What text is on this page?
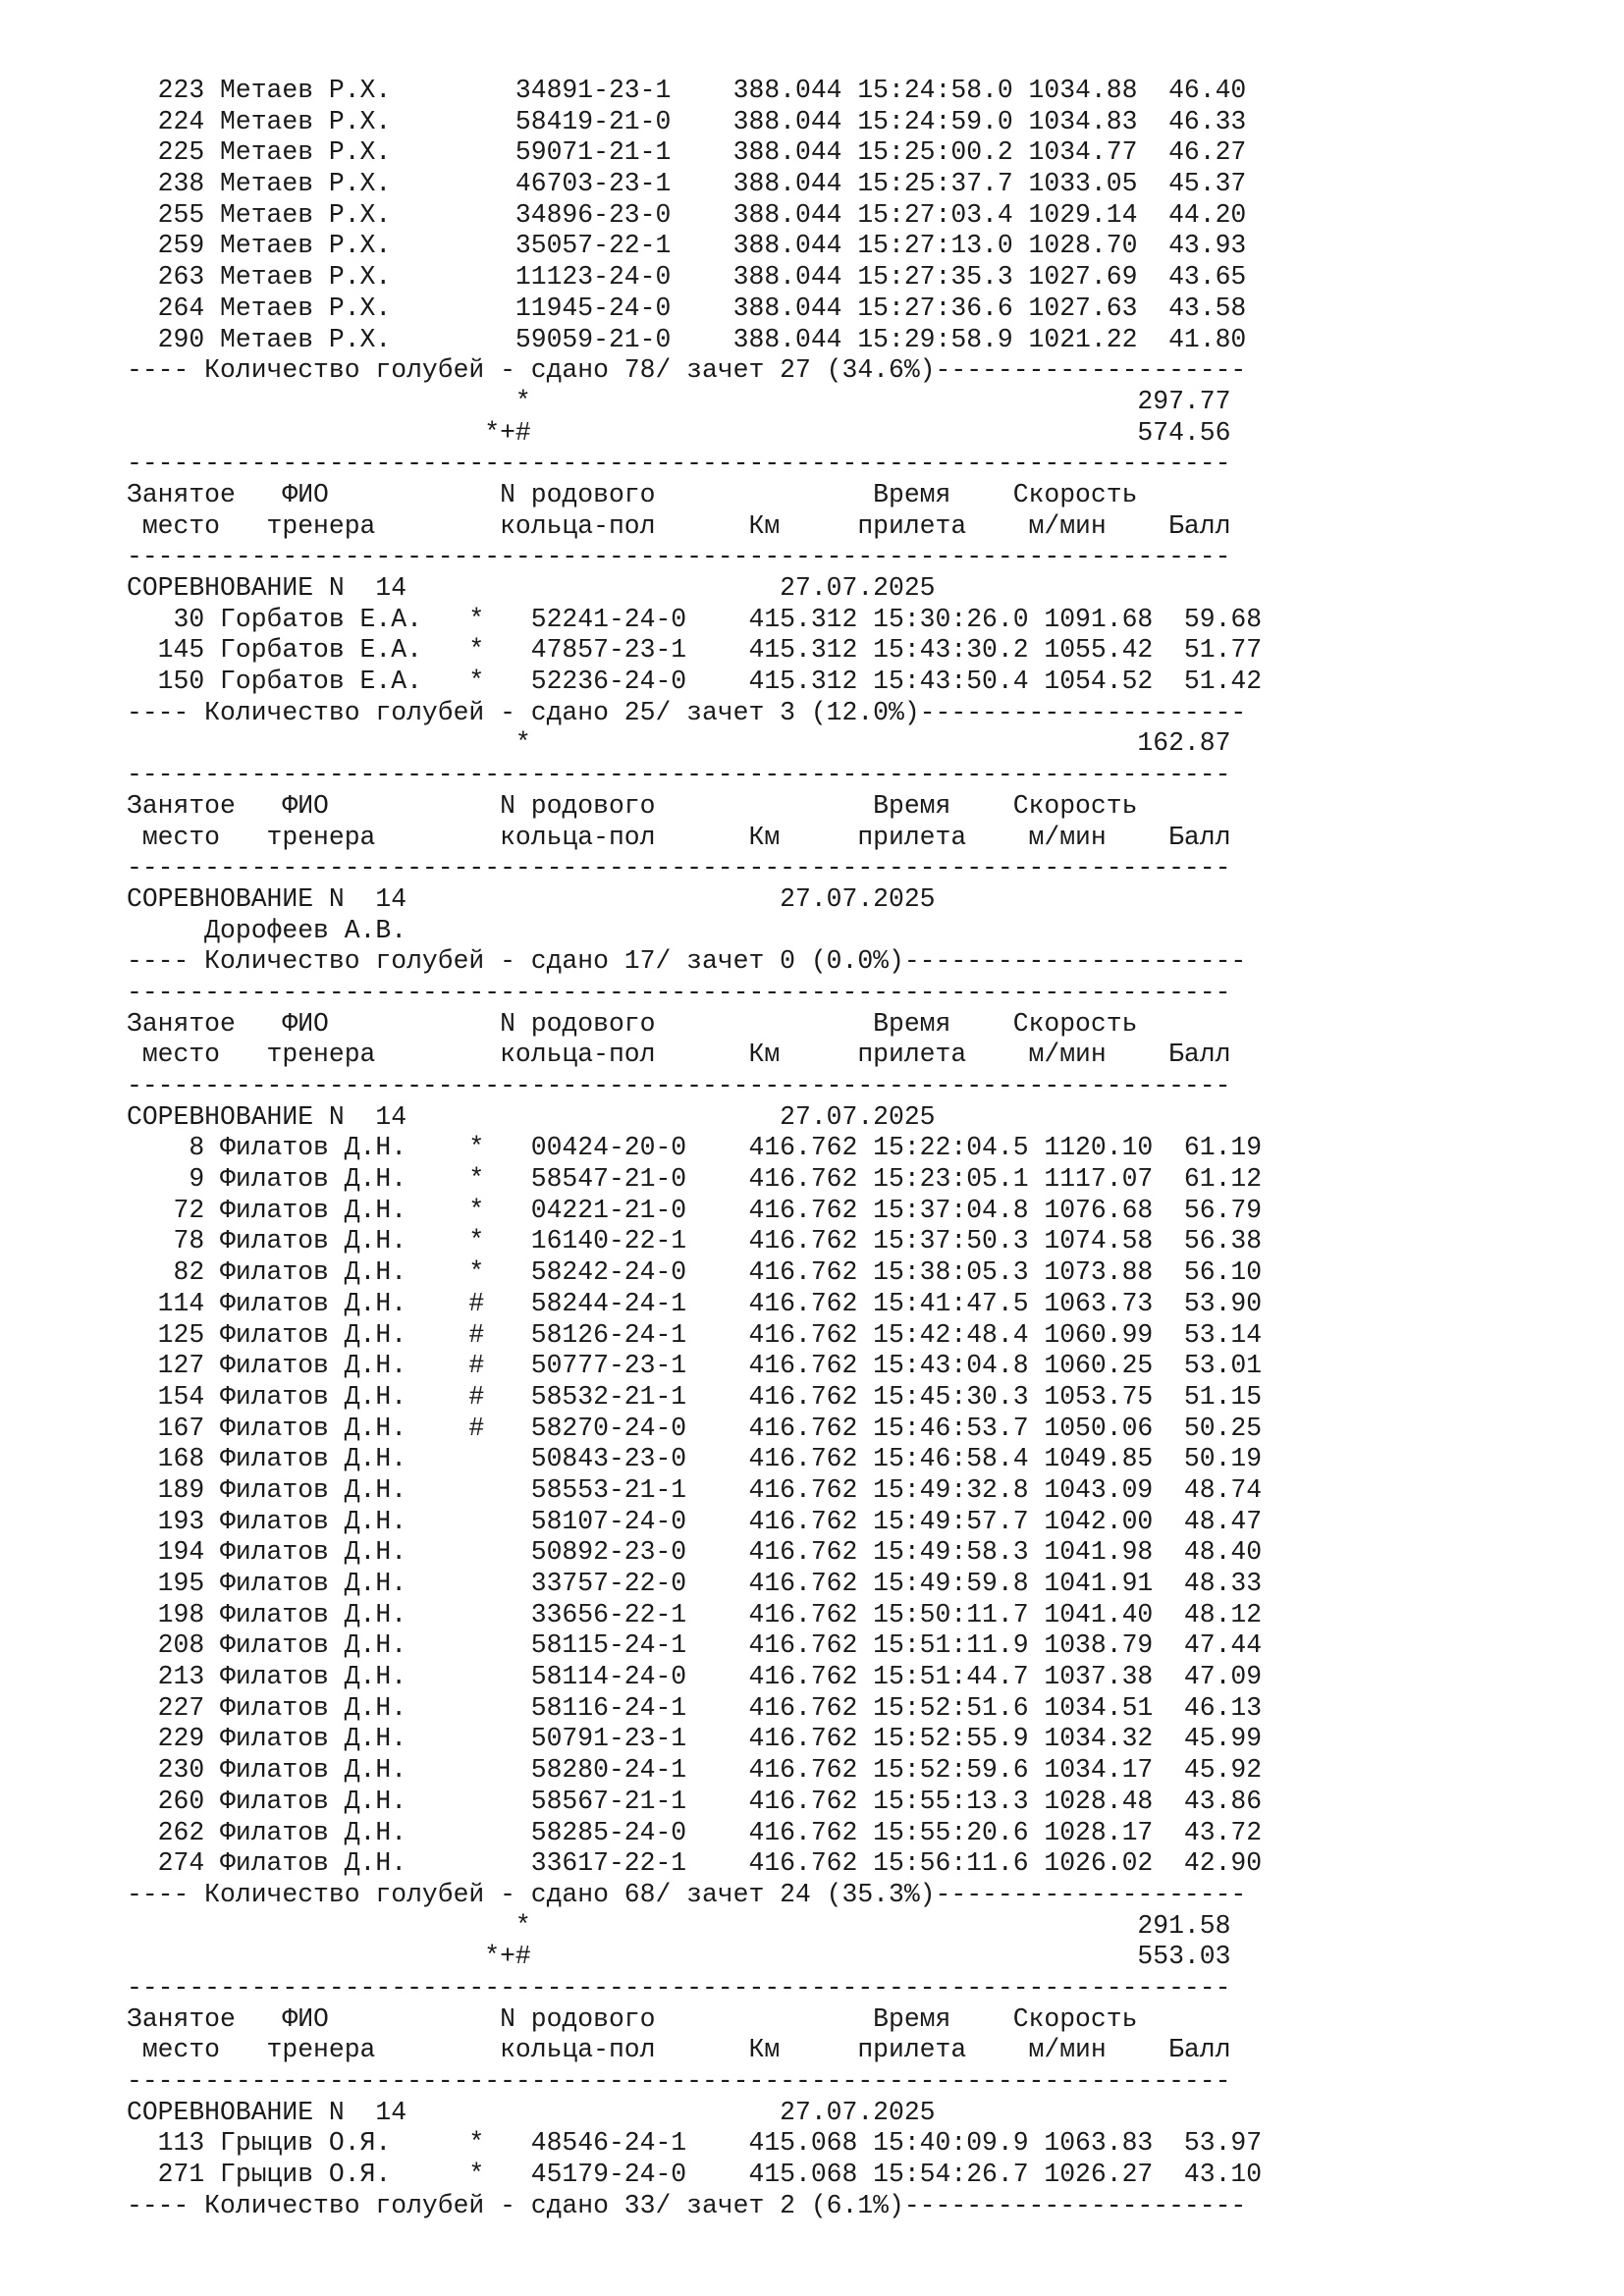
223 Метаев Р.Х.        34891-23-1    388.044 15:24:58.0 1034.88  46.40
224 Метаев Р.Х.        58419-21-0    388.044 15:24:59.0 1034.83  46.33
225 Метаев Р.Х.        59071-21-1    388.044 15:25:00.2 1034.77  46.27
238 Метаев Р.Х.        46703-23-1    388.044 15:25:37.7 1033.05  45.37
255 Метаев Р.Х.        34896-23-0    388.044 15:27:03.4 1029.14  44.20
259 Метаев Р.Х.        35057-22-1    388.044 15:27:13.0 1028.70  43.93
263 Метаев Р.Х.        11123-24-0    388.044 15:27:35.3 1027.69  43.65
264 Метаев Р.Х.        11945-24-0    388.044 15:27:36.6 1027.63  43.58
290 Метаев Р.Х.        59059-21-0    388.044 15:29:58.9 1021.22  41.80
---- Количество голубей - сдано 78/ зачет 27 (34.6%)--------------------
*                                       297.77
*+#                                       574.56
-----------------------------------------------------------------------
Занятое   ФИО           N родового              Время    Скорость
место   тренера        кольца-пол      Км     прилета    м/мин    Балл
-----------------------------------------------------------------------
СОРЕВНОВАНИЕ N  14                        27.07.2025
30 Горбатов Е.А.   *   52241-24-0    415.312 15:30:26.0 1091.68  59.68
145 Горбатов Е.А.   *   47857-23-1    415.312 15:43:30.2 1055.42  51.77
150 Горбатов Е.А.   *   52236-24-0    415.312 15:43:50.4 1054.52  51.42
---- Количество голубей - сдано 25/ зачет 3 (12.0%)---------------------
*                                       162.87
-----------------------------------------------------------------------
Занятое   ФИО           N родового              Время    Скорость
место   тренера        кольца-пол      Км     прилета    м/мин    Балл
-----------------------------------------------------------------------
СОРЕВНОВАНИЕ N  14                        27.07.2025
Дорофеев А.В.
---- Количество голубей - сдано 17/ зачет 0 (0.0%)----------------------
-----------------------------------------------------------------------
Занятое   ФИО           N родового              Время    Скорость
место   тренера        кольца-пол      Км     прилета    м/мин    Балл
-----------------------------------------------------------------------
СОРЕВНОВАНИЕ N  14                        27.07.2025
8 Филатов Д.Н.    *   00424-20-0    416.762 15:22:04.5 1120.10  61.19
9 Филатов Д.Н.    *   58547-21-0    416.762 15:23:05.1 1117.07  61.12
72 Филатов Д.Н.    *   04221-21-0    416.762 15:37:04.8 1076.68  56.79
78 Филатов Д.Н.    *   16140-22-1    416.762 15:37:50.3 1074.58  56.38
82 Филатов Д.Н.    *   58242-24-0    416.762 15:38:05.3 1073.88  56.10
114 Филатов Д.Н.    #   58244-24-1    416.762 15:41:47.5 1063.73  53.90
125 Филатов Д.Н.    #   58126-24-1    416.762 15:42:48.4 1060.99  53.14
127 Филатов Д.Н.    #   50777-23-1    416.762 15:43:04.8 1060.25  53.01
154 Филатов Д.Н.    #   58532-21-1    416.762 15:45:30.3 1053.75  51.15
167 Филатов Д.Н.    #   58270-24-0    416.762 15:46:53.7 1050.06  50.25
168 Филатов Д.Н.        50843-23-0    416.762 15:46:58.4 1049.85  50.19
189 Филатов Д.Н.        58553-21-1    416.762 15:49:32.8 1043.09  48.74
193 Филатов Д.Н.        58107-24-0    416.762 15:49:57.7 1042.00  48.47
194 Филатов Д.Н.        50892-23-0    416.762 15:49:58.3 1041.98  48.40
195 Филатов Д.Н.        33757-22-0    416.762 15:49:59.8 1041.91  48.33
198 Филатов Д.Н.        33656-22-1    416.762 15:50:11.7 1041.40  48.12
208 Филатов Д.Н.        58115-24-1    416.762 15:51:11.9 1038.79  47.44
213 Филатов Д.Н.        58114-24-0    416.762 15:51:44.7 1037.38  47.09
227 Филатов Д.Н.        58116-24-1    416.762 15:52:51.6 1034.51  46.13
229 Филатов Д.Н.        50791-23-1    416.762 15:52:55.9 1034.32  45.99
230 Филатов Д.Н.        58280-24-1    416.762 15:52:59.6 1034.17  45.92
260 Филатов Д.Н.        58567-21-1    416.762 15:55:13.3 1028.48  43.86
262 Филатов Д.Н.        58285-24-0    416.762 15:55:20.6 1028.17  43.72
274 Филатов Д.Н.        33617-22-1    416.762 15:56:11.6 1026.02  42.90
---- Количество голубей - сдано 68/ зачет 24 (35.3%)--------------------
*                                       291.58
*+#                                       553.03
-----------------------------------------------------------------------
Занятое   ФИО           N родового              Время    Скорость
место   тренера        кольца-пол      Км     прилета    м/мин    Балл
-----------------------------------------------------------------------
СОРЕВНОВАНИЕ N  14                        27.07.2025
113 Грыцив О.Я.     *   48546-24-1    415.068 15:40:09.9 1063.83  53.97
271 Грыцив О.Я.     *   45179-24-0    415.068 15:54:26.7 1026.27  43.10
---- Количество голубей - сдано 33/ зачет 2 (6.1%)----------------------
